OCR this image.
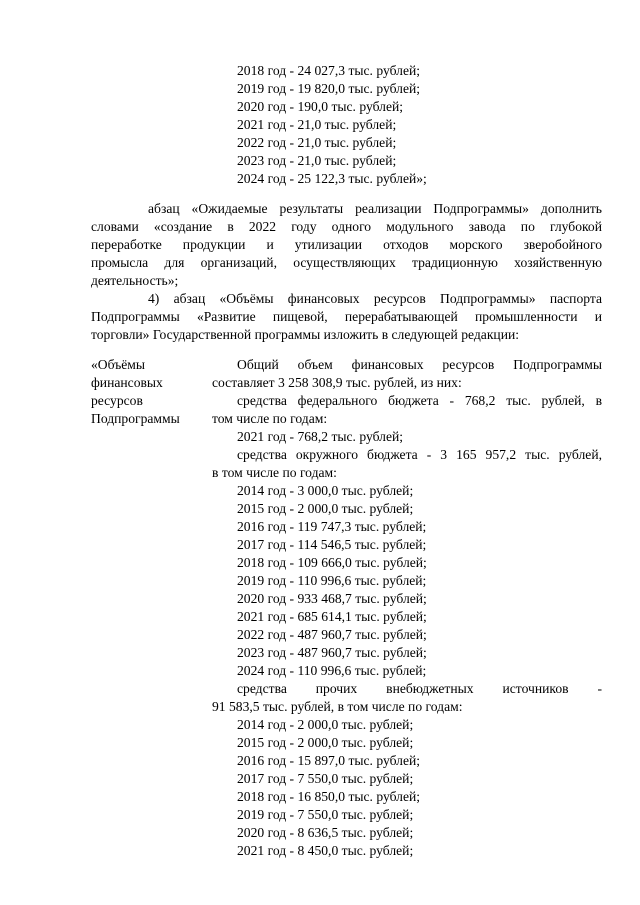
2018 год - 24 027,3 тыс. рублей;
2019 год - 19 820,0 тыс. рублей;
2020 год - 190,0 тыс. рублей;
2021 год - 21,0 тыс. рублей;
2022 год - 21,0 тыс. рублей;
2023 год - 21,0 тыс. рублей;
2024 год - 25 122,3 тыс. рублей»;
абзац «Ожидаемые результаты реализации Подпрограммы» дополнить
словами «создание в 2022 году одного модульного завода по глубокой
переработке продукции и утилизации отходов морского зверобойного
промысла для организаций, осуществляющих традиционную хозяйственную
деятельность»;
4) абзац «Объёмы финансовых ресурсов Подпрограммы» паспорта
Подпрограммы «Развитие пищевой, перерабатывающей промышленности и
торговли» Государственной программы изложить в следующей редакции:
«Объёмы
финансовых
ресурсов
Подпрограммы
Общий объем финансовых ресурсов Подпрограммы
составляет 3 258 308,9 тыс. рублей, из них:
средства федерального бюджета - 768,2 тыс. рублей, в
том числе по годам:
2021 год - 768,2 тыс. рублей;
средства окружного бюджета - 3 165 957,2 тыс. рублей,
в том числе по годам:
2014 год - 3 000,0 тыс. рублей;
2015 год - 2 000,0 тыс. рублей;
2016 год - 119 747,3 тыс. рублей;
2017 год - 114 546,5 тыс. рублей;
2018 год - 109 666,0 тыс. рублей;
2019 год - 110 996,6 тыс. рублей;
2020 год - 933 468,7 тыс. рублей;
2021 год - 685 614,1 тыс. рублей;
2022 год - 487 960,7 тыс. рублей;
2023 год - 487 960,7 тыс. рублей;
2024 год - 110 996,6 тыс. рублей;
средства прочих внебюджетных источников -
91 583,5 тыс. рублей, в том числе по годам:
2014 год - 2 000,0 тыс. рублей;
2015 год - 2 000,0 тыс. рублей;
2016 год - 15 897,0 тыс. рублей;
2017 год - 7 550,0 тыс. рублей;
2018 год - 16 850,0 тыс. рублей;
2019 год - 7 550,0 тыс. рублей;
2020 год - 8 636,5 тыс. рублей;
2021 год - 8 450,0 тыс. рублей;
